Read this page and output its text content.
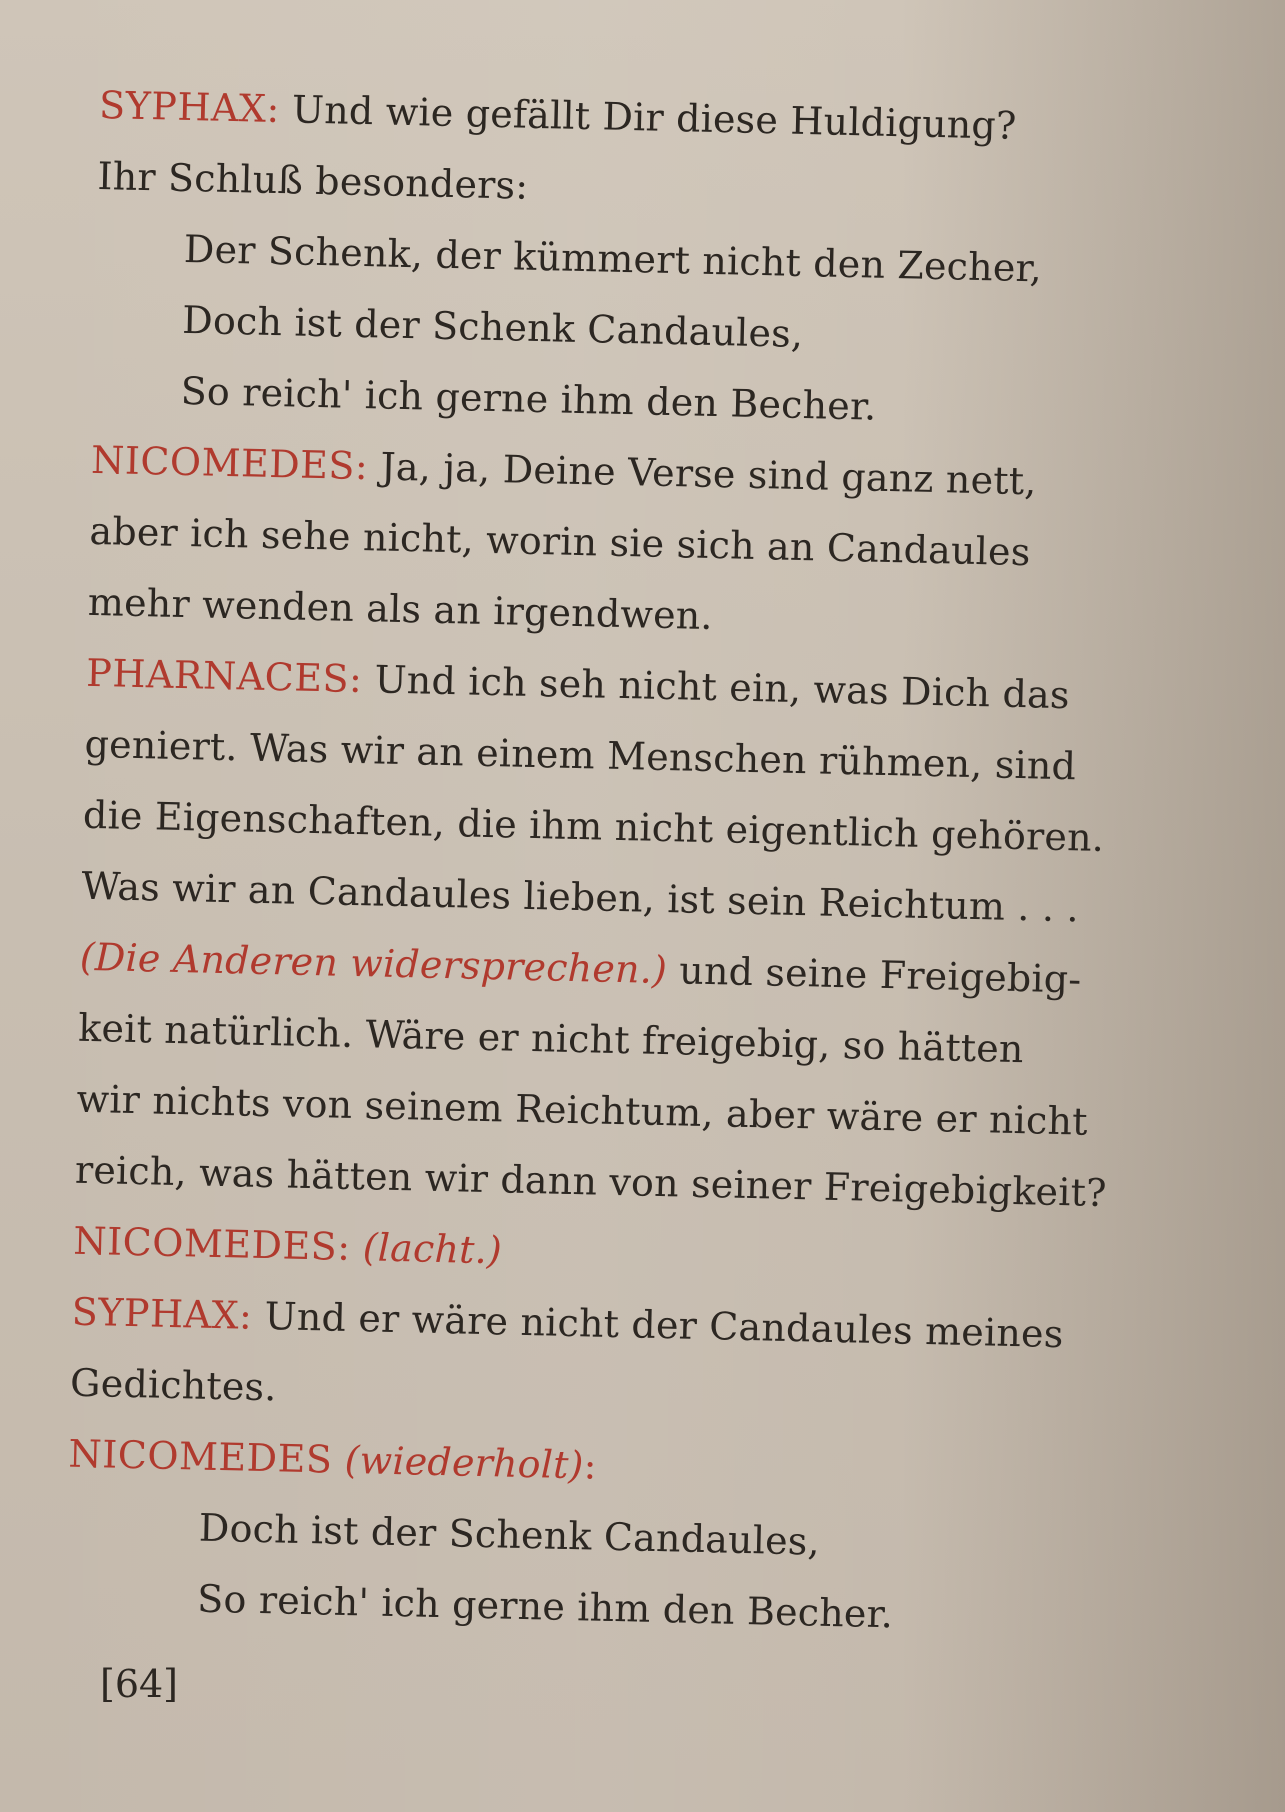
SYPHAX: Und wie gefällt Dir diese Huldigung?
Ihr Schluß besonders:
Der Schenk, der kümmert nicht den Zecher,
Doch ist der Schenk Candaules,
So reich' ich gerne ihm den Becher.
NICOMEDES: Ja, ja, Deine Verse sind ganz nett,
aber ich sehe nicht, worin sie sich an Candaules
mehr wenden als an irgendwen.
PHARNACES: Und ich seh nicht ein, was Dich das
geniert. Was wir an einem Menschen rühmen, sind
die Eigenschaften, die ihm nicht eigentlich gehören.
Was wir an Candaules lieben, ist sein Reichtum . . .
(Die Anderen widersprechen.) und seine Freigebig-
keit natürlich. Wäre er nicht freigebig, so hätten
wir nichts von seinem Reichtum, aber wäre er nicht
reich, was hätten wir dann von seiner Freigebigkeit?
NICOMEDES: (lacht.)
SYPHAX: Und er wäre nicht der Candaules meines
Gedichtes.
NICOMEDES (wiederholt):
Doch ist der Schenk Candaules,
So reich' ich gerne ihm den Becher.
[64]
